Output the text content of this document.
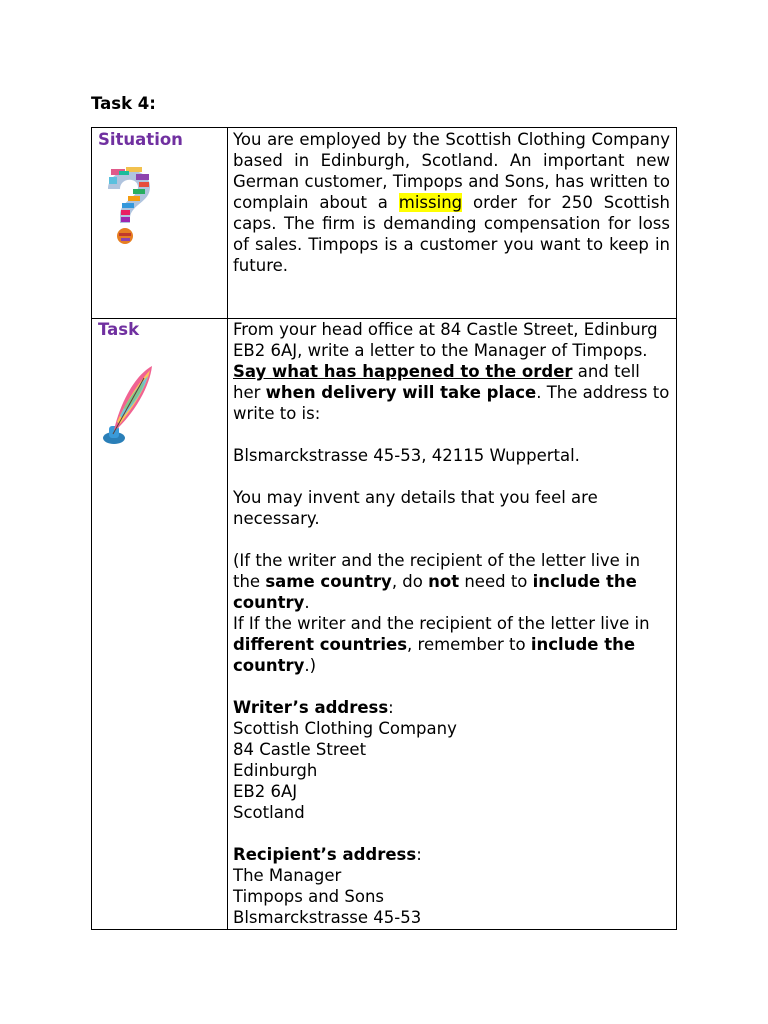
Task 4:
Situation	You are employed by the Scottish Clothing Company based in Edinburgh, Scotland. An important new German customer, Timpops and Sons, has written to complain about a missing order for 250 Scottish caps. The firm is demanding compensation for loss of sales. Timpops is a customer you want to keep in future.
Task	From your head office at 84 Castle Street, Edinburg EB2 6AJ, write a letter to the Manager of Timpops. Say what has happened to the order and tell her when delivery will take place. The address to write to is:

Blsmarckstrasse 45-53, 42115 Wuppertal.

You may invent any details that you feel are necessary.

(If the writer and the recipient of the letter live in the same country, do not need to include the country.

If If the writer and the recipient of the letter live in different countries, remember to include the country.)

Writer’s address:

Scottish Clothing Company

84 Castle Street

Edinburgh

EB2 6AJ

Scotland

Recipient’s address:

The Manager

Timpops and Sons

Blsmarckstrasse 45-53
